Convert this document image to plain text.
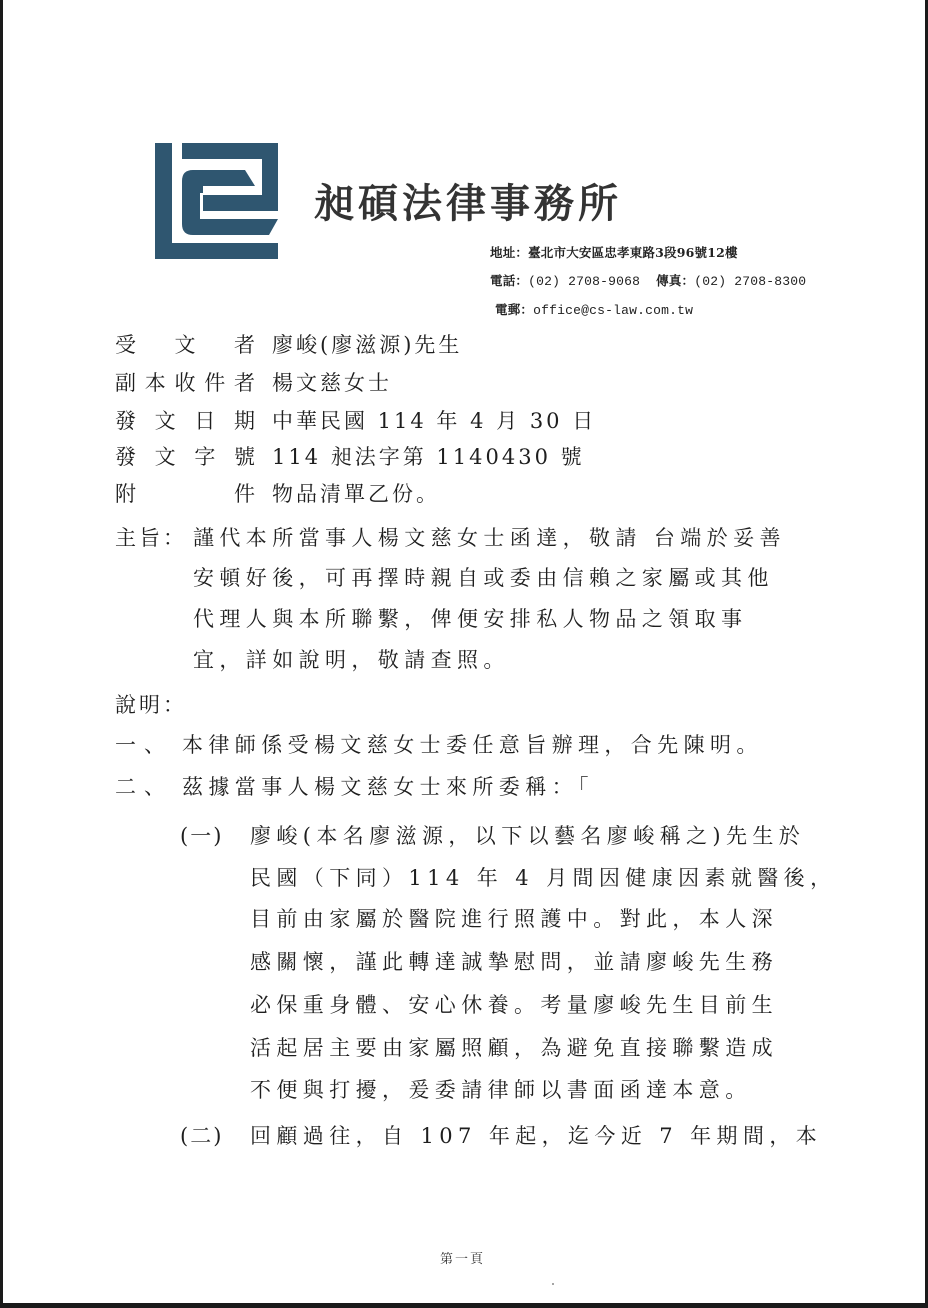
昶碩法律事務所
地址：臺北市大安區忠孝東路3段96號12樓
電話：(02) 2708-9068 傳真：(02) 2708-8300
電郵：office@cs-law.com.tw
受 文 者 廖峻(廖滋源)先生
副 本 收 件 者 楊文慈女士
發 文 日 期 中華民國 114 年 4 月 30 日
發 文 字 號 114 昶法字第 1140430 號
附	件 物品清單乙份。
主旨： 謹代本所當事人楊文慈女士函達，敬請 台端於妥善
安頓好後，可再擇時親自或委由信賴之家屬或其他
代理人與本所聯繫，俾便安排私人物品之領取事
宜，詳如說明，敬請查照。
說明：
一、 本律師係受楊文慈女士委任意旨辦理，合先陳明。
二、 茲據當事人楊文慈女士來所委稱：「
(一) 廖峻(本名廖滋源，以下以藝名廖峻稱之)先生於
民國（下同）114 年 4 月間因健康因素就醫後，
目前由家屬於醫院進行照護中。對此，本人深
感關懷，謹此轉達誠摯慰問，並請廖峻先生務
必保重身體、安心休養。考量廖峻先生目前生
活起居主要由家屬照顧，為避免直接聯繫造成
不便與打擾，爰委請律師以書面函達本意。
(二) 回顧過往，自 107 年起，迄今近 7 年期間，本
第一頁
